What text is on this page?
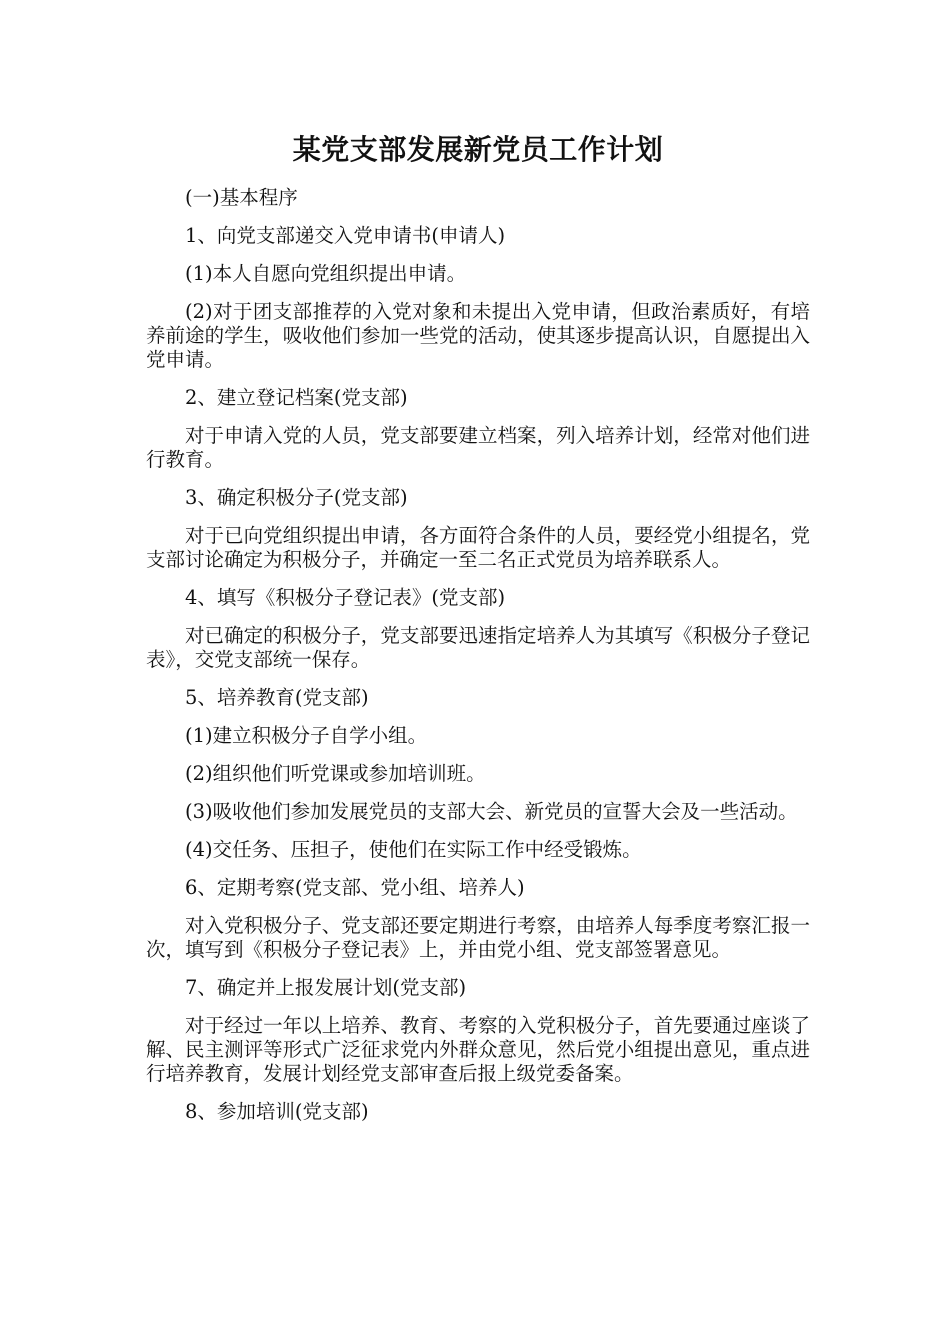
某党支部发展新党员工作计划

(一)基本程序

1、向党支部递交入党申请书(申请人)

(1)本人自愿向党组织提出申请。

(2)对于团支部推荐的入党对象和未提出入党申请，但政治素质好，有培养前途的学生，吸收他们参加一些党的活动，使其逐步提高认识，自愿提出入党申请。

2、建立登记档案(党支部)

对于申请入党的人员，党支部要建立档案，列入培养计划，经常对他们进行教育。

3、确定积极分子(党支部)

对于已向党组织提出申请，各方面符合条件的人员，要经党小组提名，党支部讨论确定为积极分子，并确定一至二名正式党员为培养联系人。

4、填写《积极分子登记表》(党支部)

对已确定的积极分子，党支部要迅速指定培养人为其填写《积极分子登记表》，交党支部统一保存。

5、培养教育(党支部)

(1)建立积极分子自学小组。

(2)组织他们听党课或参加培训班。

(3)吸收他们参加发展党员的支部大会、新党员的宣誓大会及一些活动。

(4)交任务、压担子，使他们在实际工作中经受锻炼。

6、定期考察(党支部、党小组、培养人)

对入党积极分子、党支部还要定期进行考察，由培养人每季度考察汇报一次，填写到《积极分子登记表》上，并由党小组、党支部签署意见。

7、确定并上报发展计划(党支部)

对于经过一年以上培养、教育、考察的入党积极分子，首先要通过座谈了解、民主测评等形式广泛征求党内外群众意见，然后党小组提出意见，重点进行培养教育，发展计划经党支部审查后报上级党委备案。

8、参加培训(党支部)
